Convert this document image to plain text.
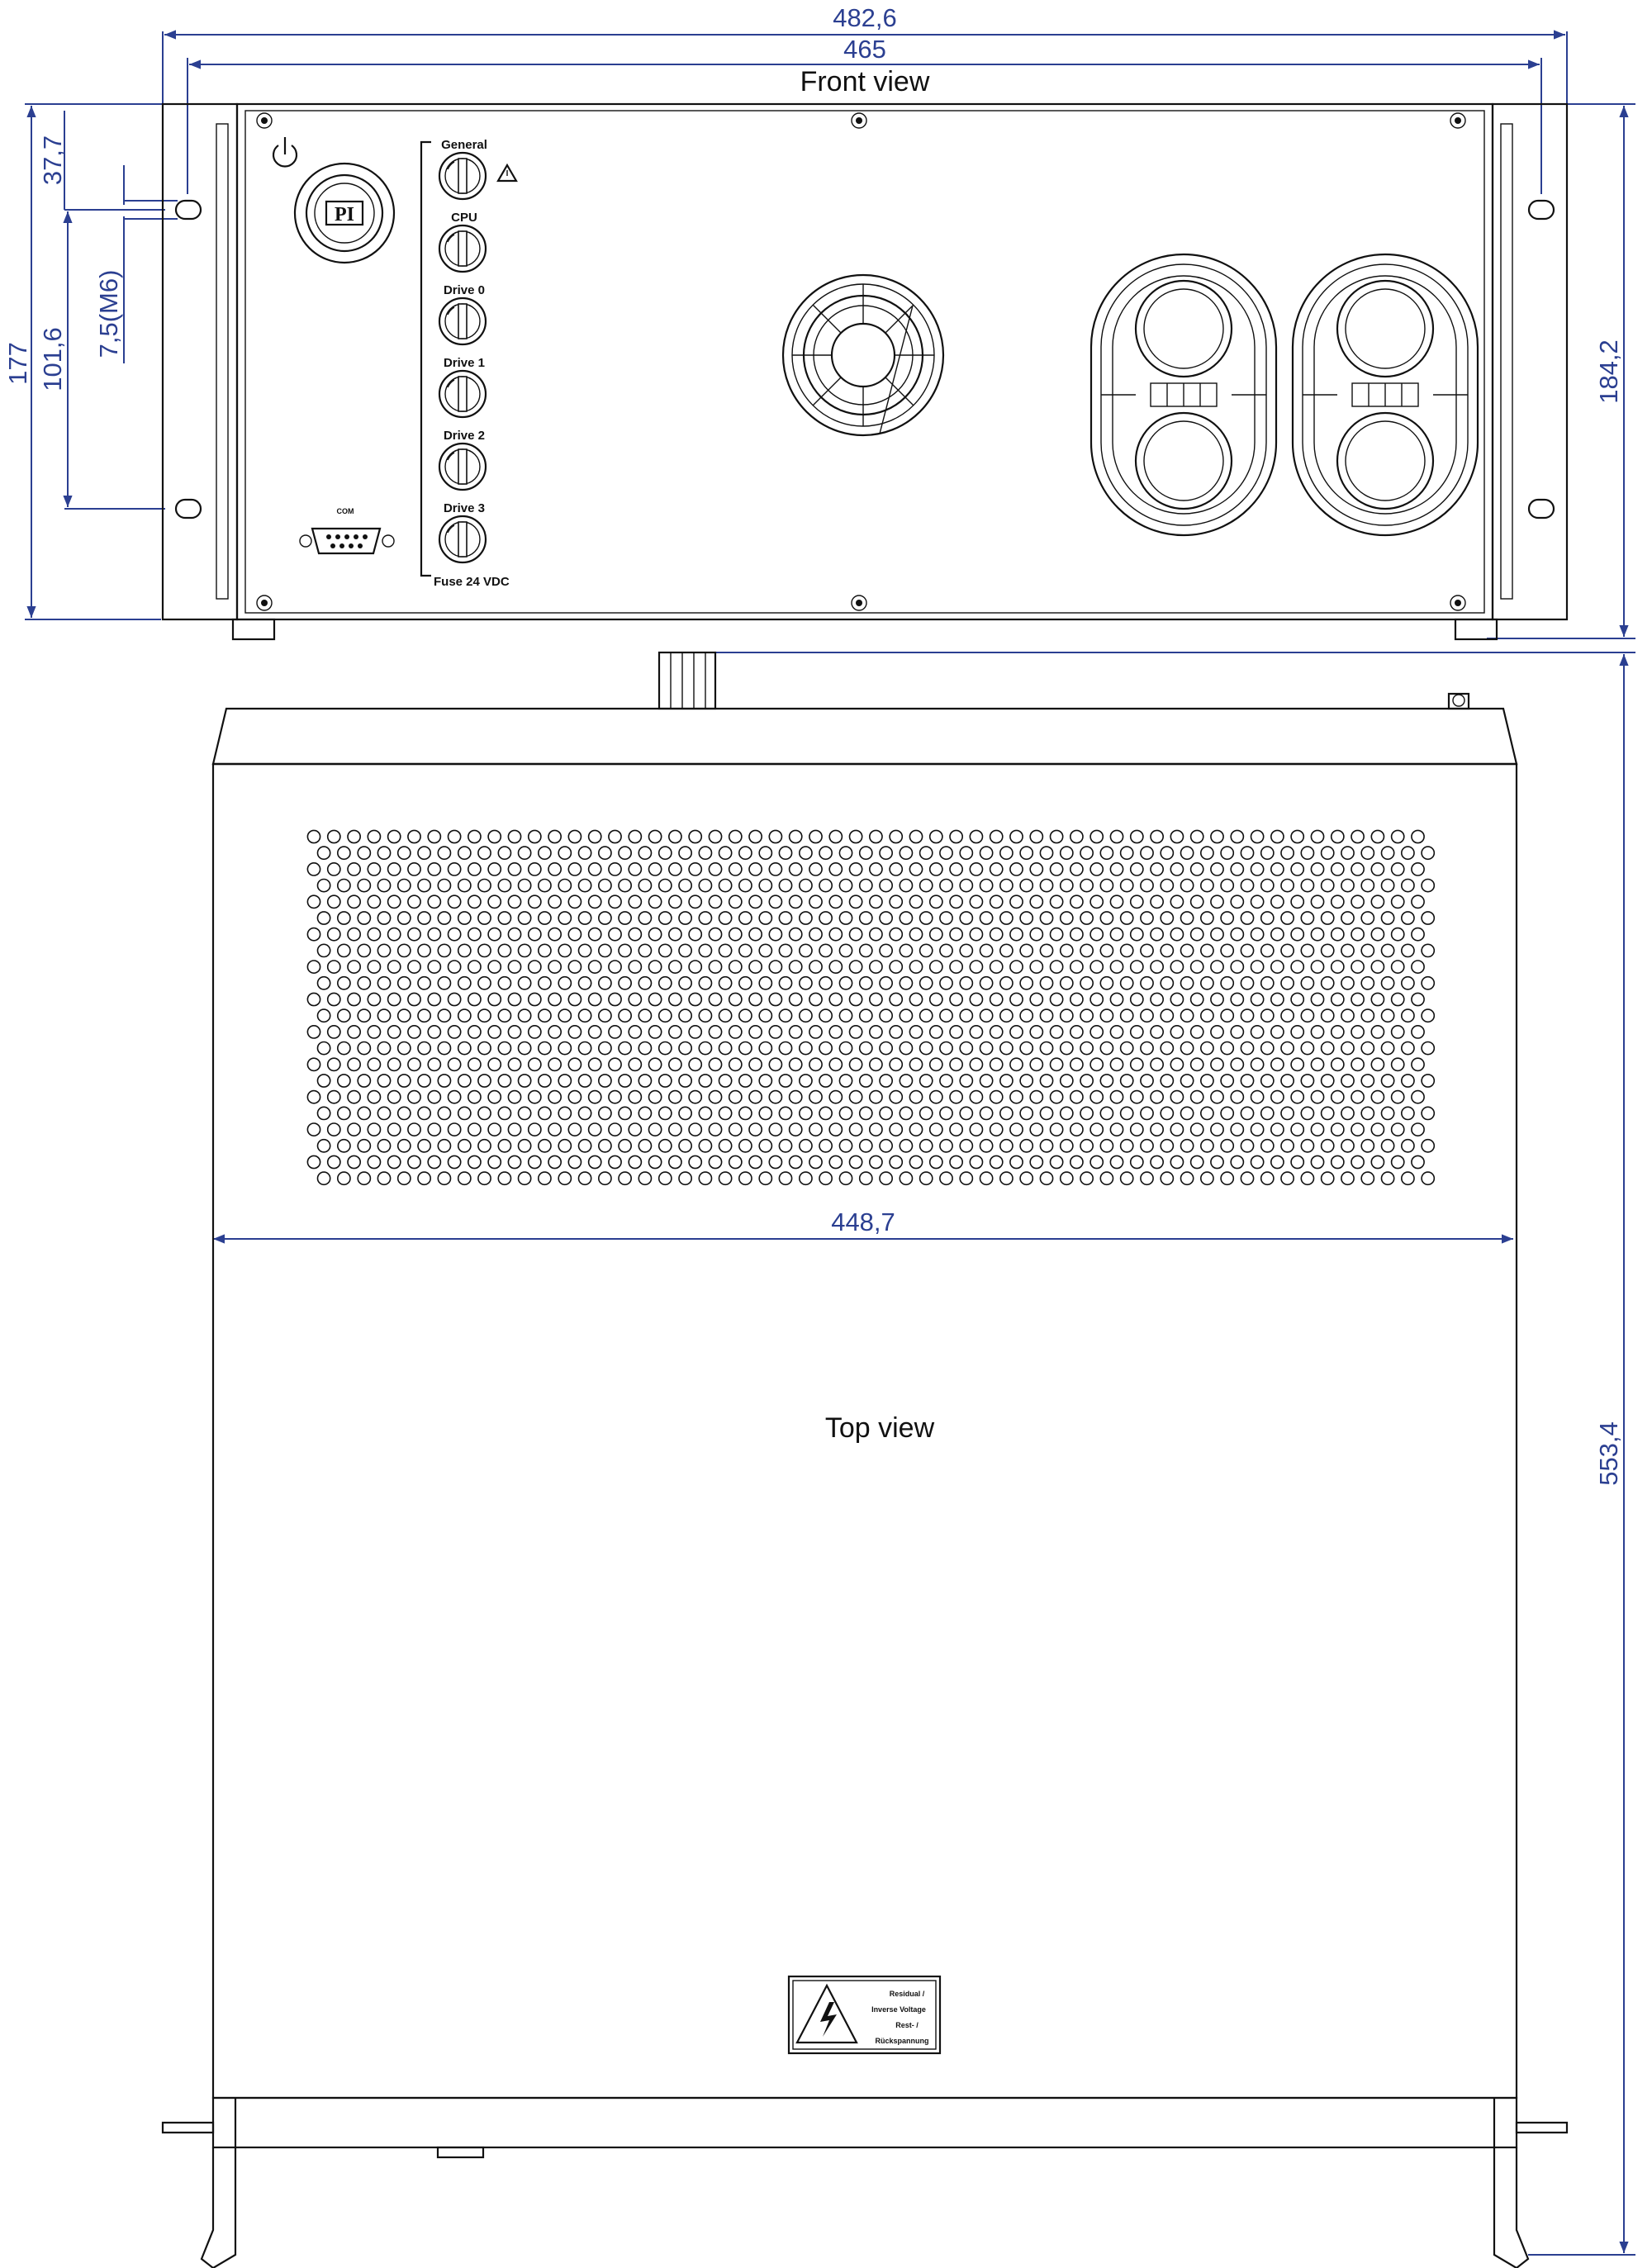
482,6
465
177 101,6
37,7
7,5(M6)
184,2
448,7
553,4
Front view
PI
COM
General
CPU
Drive 0
Drive 1
Drive 2
Drive 3
Fuse 24 VDC
Top view
Residual /
Inverse Voltage
Rest- /
Rückspannung
